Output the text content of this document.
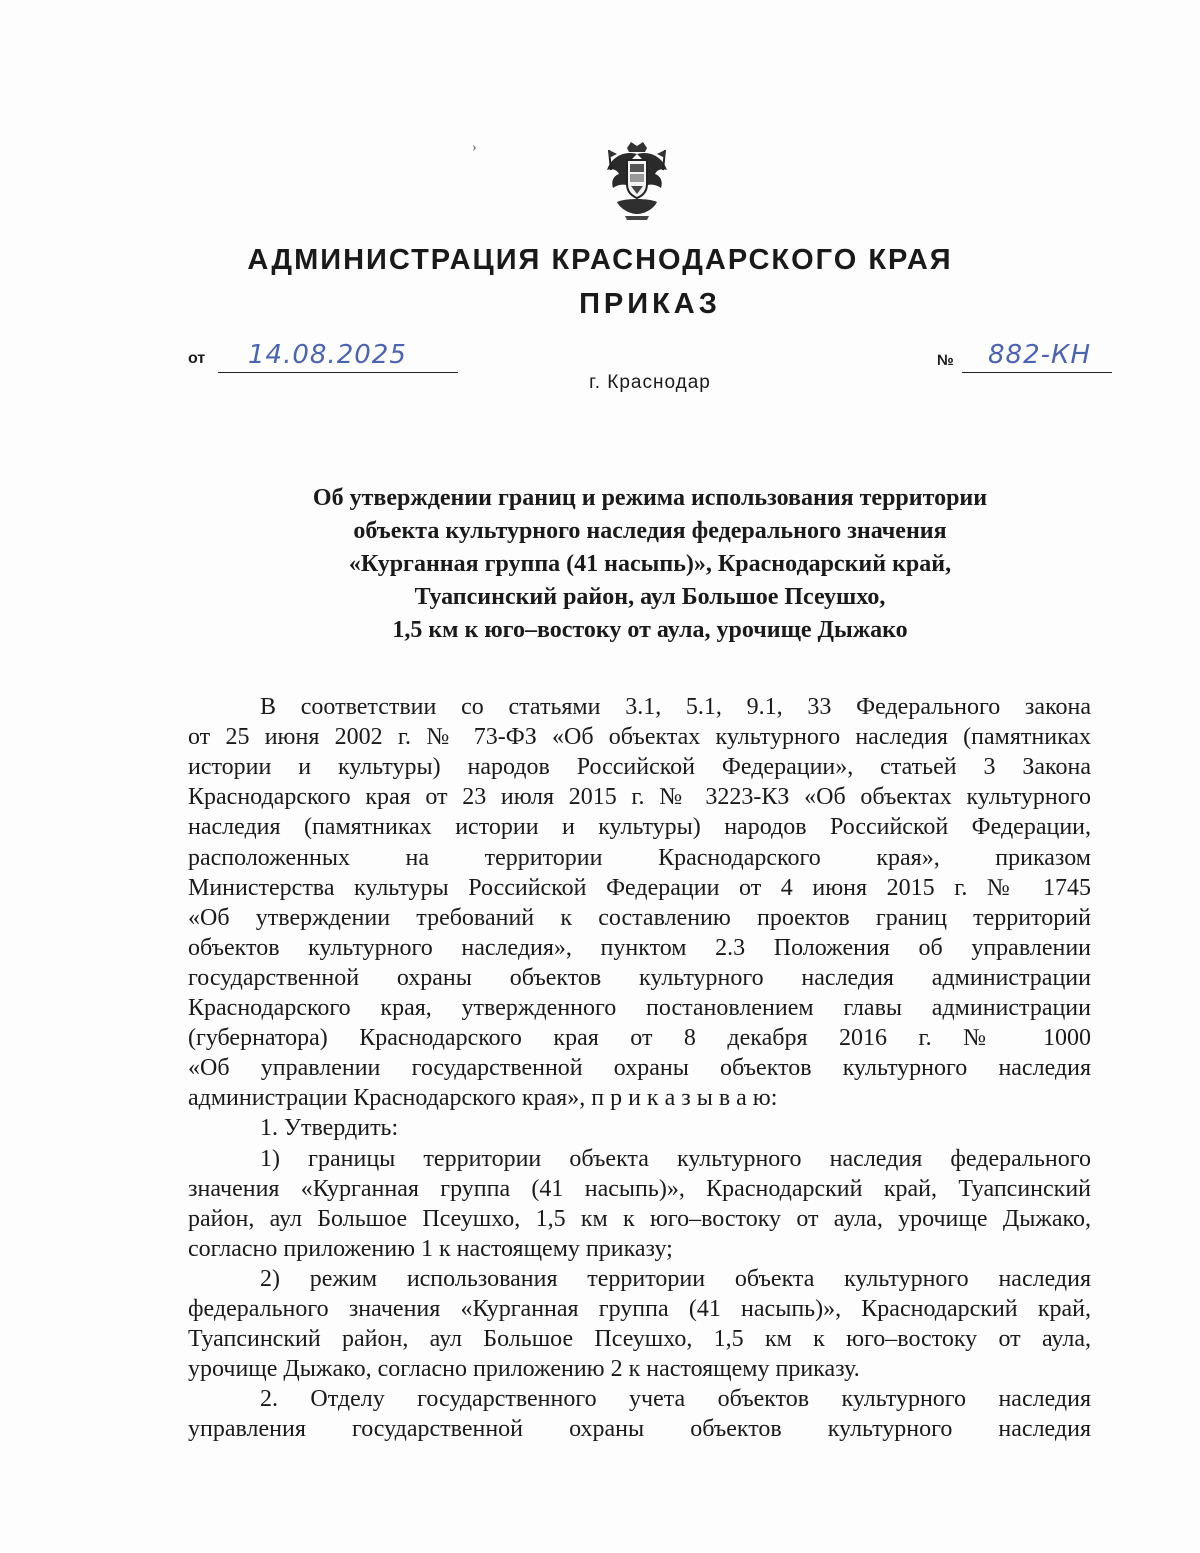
›
АДМИНИСТРАЦИЯ КРАСНОДАРСКОГО КРАЯ
ПРИКАЗ
от 14.08.2025	№ 882-КН
г. Краснодар
Об утверждении границ и режима использования территории
объекта культурного наследия федерального значения
«Курганная группа (41 насыпь)», Краснодарский край,
Туапсинский район, аул Большое Псеушхо,
1,5 км к юго–востоку от аула, урочище Дыжако
В соответствии со статьями 3.1, 5.1, 9.1, 33 Федерального закона
от 25 июня 2002 г. № 73-ФЗ «Об объектах культурного наследия (памятниках
истории и культуры) народов Российской Федерации», статьей 3 Закона
Краснодарского края от 23 июля 2015 г. № 3223-КЗ «Об объектах культурного
наследия (памятниках истории и культуры) народов Российской Федерации,
расположенных на территории Краснодарского края», приказом
Министерства культуры Российской Федерации от 4 июня 2015 г. № 1745
«Об утверждении требований к составлению проектов границ территорий
объектов культурного наследия», пунктом 2.3 Положения об управлении
государственной охраны объектов культурного наследия администрации
Краснодарского края, утвержденного постановлением главы администрации
(губернатора) Краснодарского края от 8 декабря 2016 г. № 1000
«Об управлении государственной охраны объектов культурного наследия
администрации Краснодарского края», п р и к а з ы в а ю:
1. Утвердить:
1) границы территории объекта культурного наследия федерального
значения «Курганная группа (41 насыпь)», Краснодарский край, Туапсинский
район, аул Большое Псеушхо, 1,5 км к юго–востоку от аула, урочище Дыжако,
согласно приложению 1 к настоящему приказу;
2) режим использования территории объекта культурного наследия
федерального значения «Курганная группа (41 насыпь)», Краснодарский край,
Туапсинский район, аул Большое Псеушхо, 1,5 км к юго–востоку от аула,
урочище Дыжако, согласно приложению 2 к настоящему приказу.
2. Отделу государственного учета объектов культурного наследия
управления государственной охраны объектов культурного наследия
